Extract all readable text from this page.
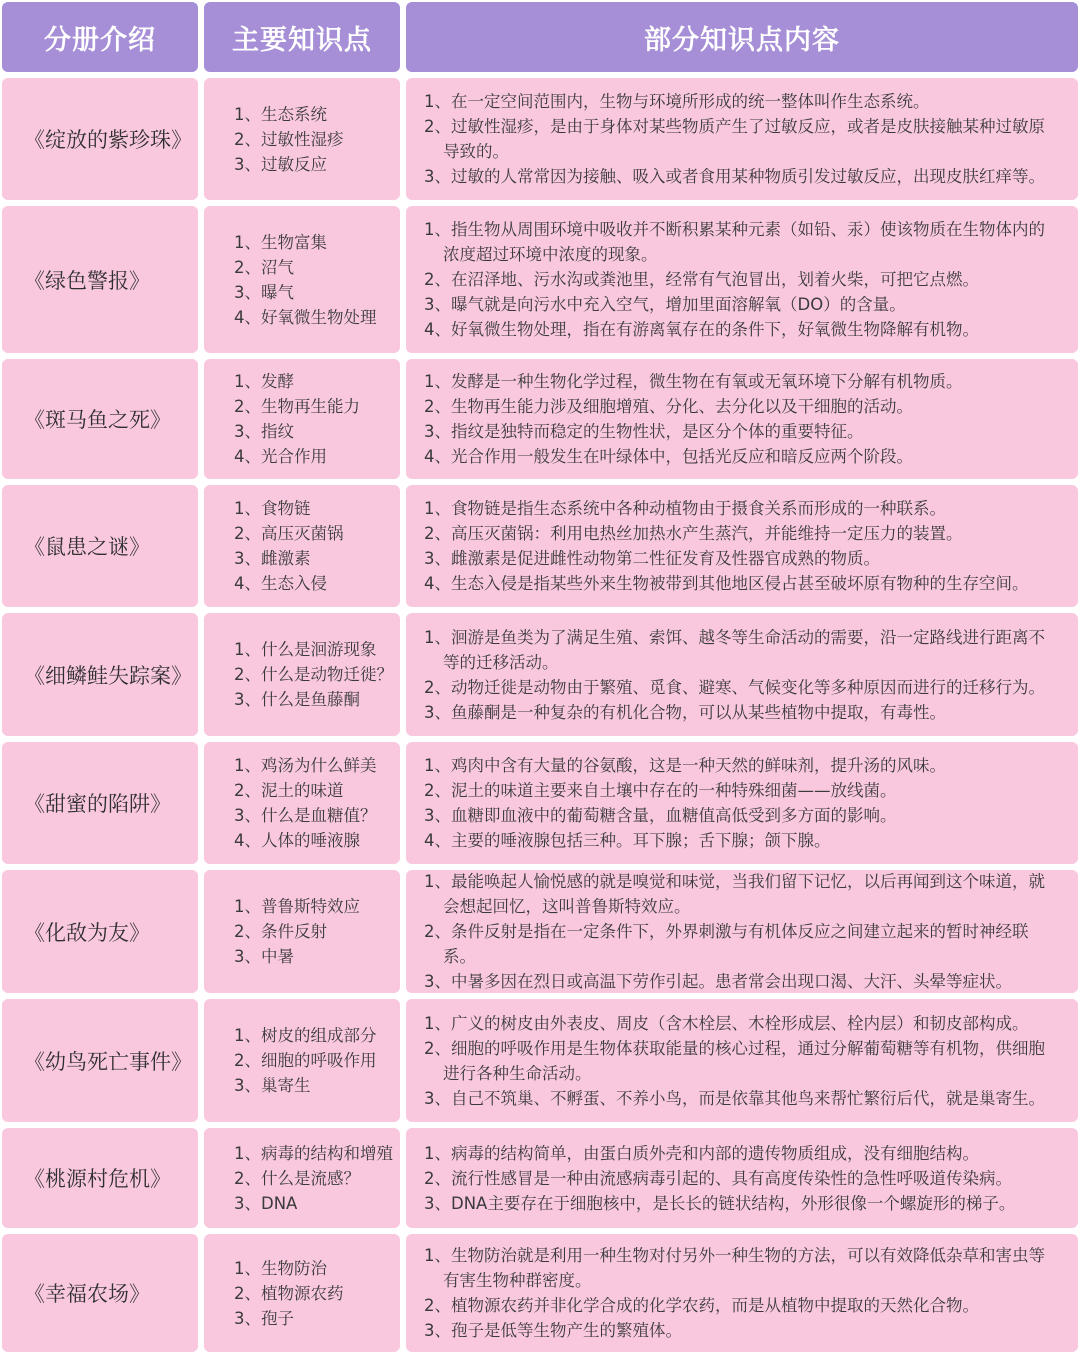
分册介绍	主要知识点	部分知识点内容
《绽放的紫珍珠》
1、生态系统
2、过敏性湿疹
3、过敏反应
1、在一定空间范围内，生物与环境所形成的统一整体叫作生态系统。
2、过敏性湿疹，是由于身体对某些物质产生了过敏反应，或者是皮肤接触某种过敏原导致的。
3、过敏的人常常因为接触、吸入或者食用某种物质引发过敏反应，出现皮肤红痒等。
《绿色警报》
1、生物富集
2、沼气
3、曝气
4、好氧微生物处理
1、指生物从周围环境中吸收并不断积累某种元素（如铅、汞）使该物质在生物体内的浓度超过环境中浓度的现象。
2、在沼泽地、污水沟或粪池里，经常有气泡冒出，划着火柴，可把它点燃。
3、曝气就是向污水中充入空气，增加里面溶解氧（DO）的含量。
4、好氧微生物处理，指在有游离氧存在的条件下，好氧微生物降解有机物。
《斑马鱼之死》
1、发酵
2、生物再生能力
3、指纹
4、光合作用
1、发酵是一种生物化学过程，微生物在有氧或无氧环境下分解有机物质。
2、生物再生能力涉及细胞增殖、分化、去分化以及干细胞的活动。
3、指纹是独特而稳定的生物性状，是区分个体的重要特征。
4、光合作用一般发生在叶绿体中，包括光反应和暗反应两个阶段。
《鼠患之谜》
1、食物链
2、高压灭菌锅
3、雌激素
4、生态入侵
1、食物链是指生态系统中各种动植物由于摄食关系而形成的一种联系。
2、高压灭菌锅：利用电热丝加热水产生蒸汽，并能维持一定压力的装置。
3、雌激素是促进雌性动物第二性征发育及性器官成熟的物质。
4、生态入侵是指某些外来生物被带到其他地区侵占甚至破坏原有物种的生存空间。
《细鳞鲑失踪案》
1、什么是洄游现象
2、什么是动物迁徙？
3、什么是鱼藤酮
1、洄游是鱼类为了满足生殖、索饵、越冬等生命活动的需要，沿一定路线进行距离不等的迁移活动。
2、动物迁徙是动物由于繁殖、觅食、避寒、气候变化等多种原因而进行的迁移行为。
3、鱼藤酮是一种复杂的有机化合物，可以从某些植物中提取，有毒性。
《甜蜜的陷阱》
1、鸡汤为什么鲜美
2、泥土的味道
3、什么是血糖值？
4、人体的唾液腺
1、鸡肉中含有大量的谷氨酸，这是一种天然的鲜味剂，提升汤的风味。
2、泥土的味道主要来自土壤中存在的一种特殊细菌——放线菌。
3、血糖即血液中的葡萄糖含量，血糖值高低受到多方面的影响。
4、主要的唾液腺包括三种。耳下腺；舌下腺；颌下腺。
《化敌为友》
1、普鲁斯特效应
2、条件反射
3、中暑
1、最能唤起人愉悦感的就是嗅觉和味觉，当我们留下记忆，以后再闻到这个味道，就会想起回忆，这叫普鲁斯特效应。
2、条件反射是指在一定条件下，外界刺激与有机体反应之间建立起来的暂时神经联系。
3、中暑多因在烈日或高温下劳作引起。患者常会出现口渴、大汗、头晕等症状。
《幼鸟死亡事件》
1、树皮的组成部分
2、细胞的呼吸作用
3、巢寄生
1、广义的树皮由外表皮、周皮（含木栓层、木栓形成层、栓内层）和韧皮部构成。
2、细胞的呼吸作用是生物体获取能量的核心过程，通过分解葡萄糖等有机物，供细胞进行各种生命活动。
3、自己不筑巢、不孵蛋、不养小鸟，而是依靠其他鸟来帮忙繁衍后代，就是巢寄生。
《桃源村危机》
1、病毒的结构和增殖
2、什么是流感？
3、DNA
1、病毒的结构简单，由蛋白质外壳和内部的遗传物质组成，没有细胞结构。
2、流行性感冒是一种由流感病毒引起的、具有高度传染性的急性呼吸道传染病。
3、DNA主要存在于细胞核中，是长长的链状结构，外形很像一个螺旋形的梯子。
《幸福农场》
1、生物防治
2、植物源农药
3、孢子
1、生物防治就是利用一种生物对付另外一种生物的方法，可以有效降低杂草和害虫等有害生物种群密度。
2、植物源农药并非化学合成的化学农药，而是从植物中提取的天然化合物。
3、孢子是低等生物产生的繁殖体。
